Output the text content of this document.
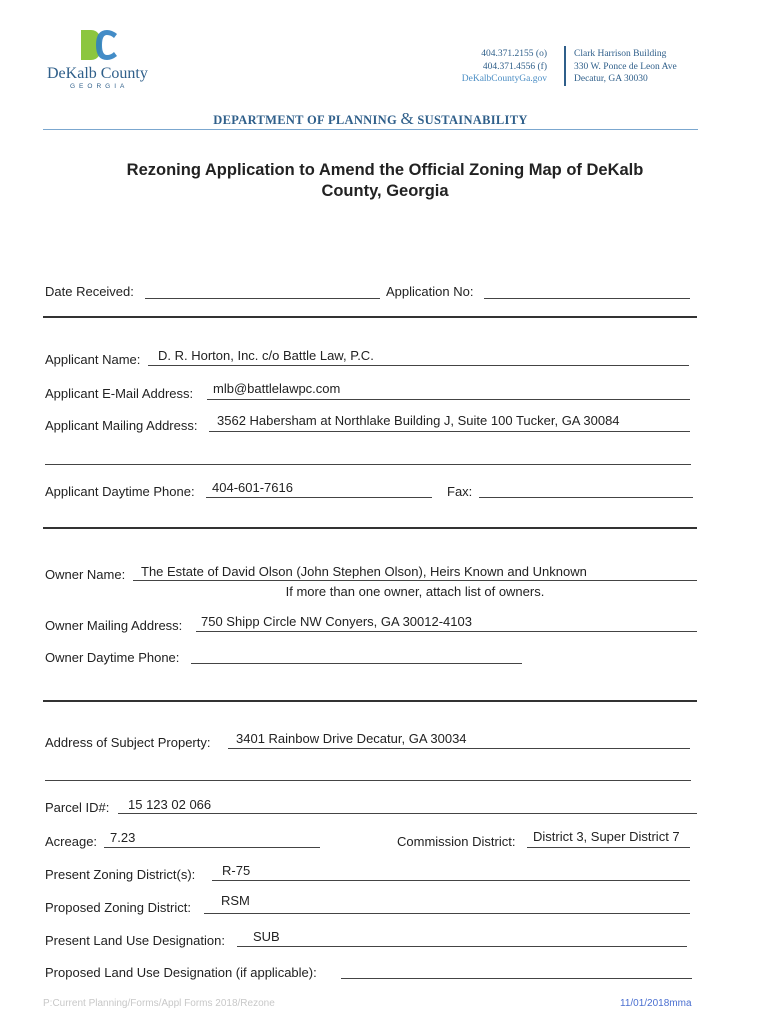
DeKalb County
GEORGIA
404.371.2155 (o)
404.371.4556 (f)
DeKalbCountyGa.gov
Clark Harrison Building
330 W. Ponce de Leon Ave
Decatur, GA 30030
DEPARTMENT OF PLANNING & SUSTAINABILITY
Rezoning Application to Amend the Official Zoning Map of DeKalb
County, Georgia
Date Received:	Application No:
Applicant Name: D. R. Horton, Inc. c/o Battle Law, P.C.
Applicant E-Mail Address: mlb@battlelawpc.com
Applicant Mailing Address: 3562 Habersham at Northlake Building J, Suite 100 Tucker, GA 30084
Applicant Daytime Phone: 404-601-7616	Fax:
Owner Name: The Estate of David Olson (John Stephen Olson), Heirs Known and Unknown
If more than one owner, attach list of owners.
Owner Mailing Address: 750 Shipp Circle NW Conyers, GA 30012-4103
Owner Daytime Phone:
Address of Subject Property: 3401 Rainbow Drive Decatur, GA 30034
Parcel ID#: 15 123 02 066
Acreage: 7.23	Commission District: District 3, Super District 7
Present Zoning District(s): R-75
Proposed Zoning District: RSM
Present Land Use Designation: SUB
Proposed Land Use Designation (if applicable):
P:Current Planning/Forms/Appl Forms 2018/Rezone	11/01/2018mma
